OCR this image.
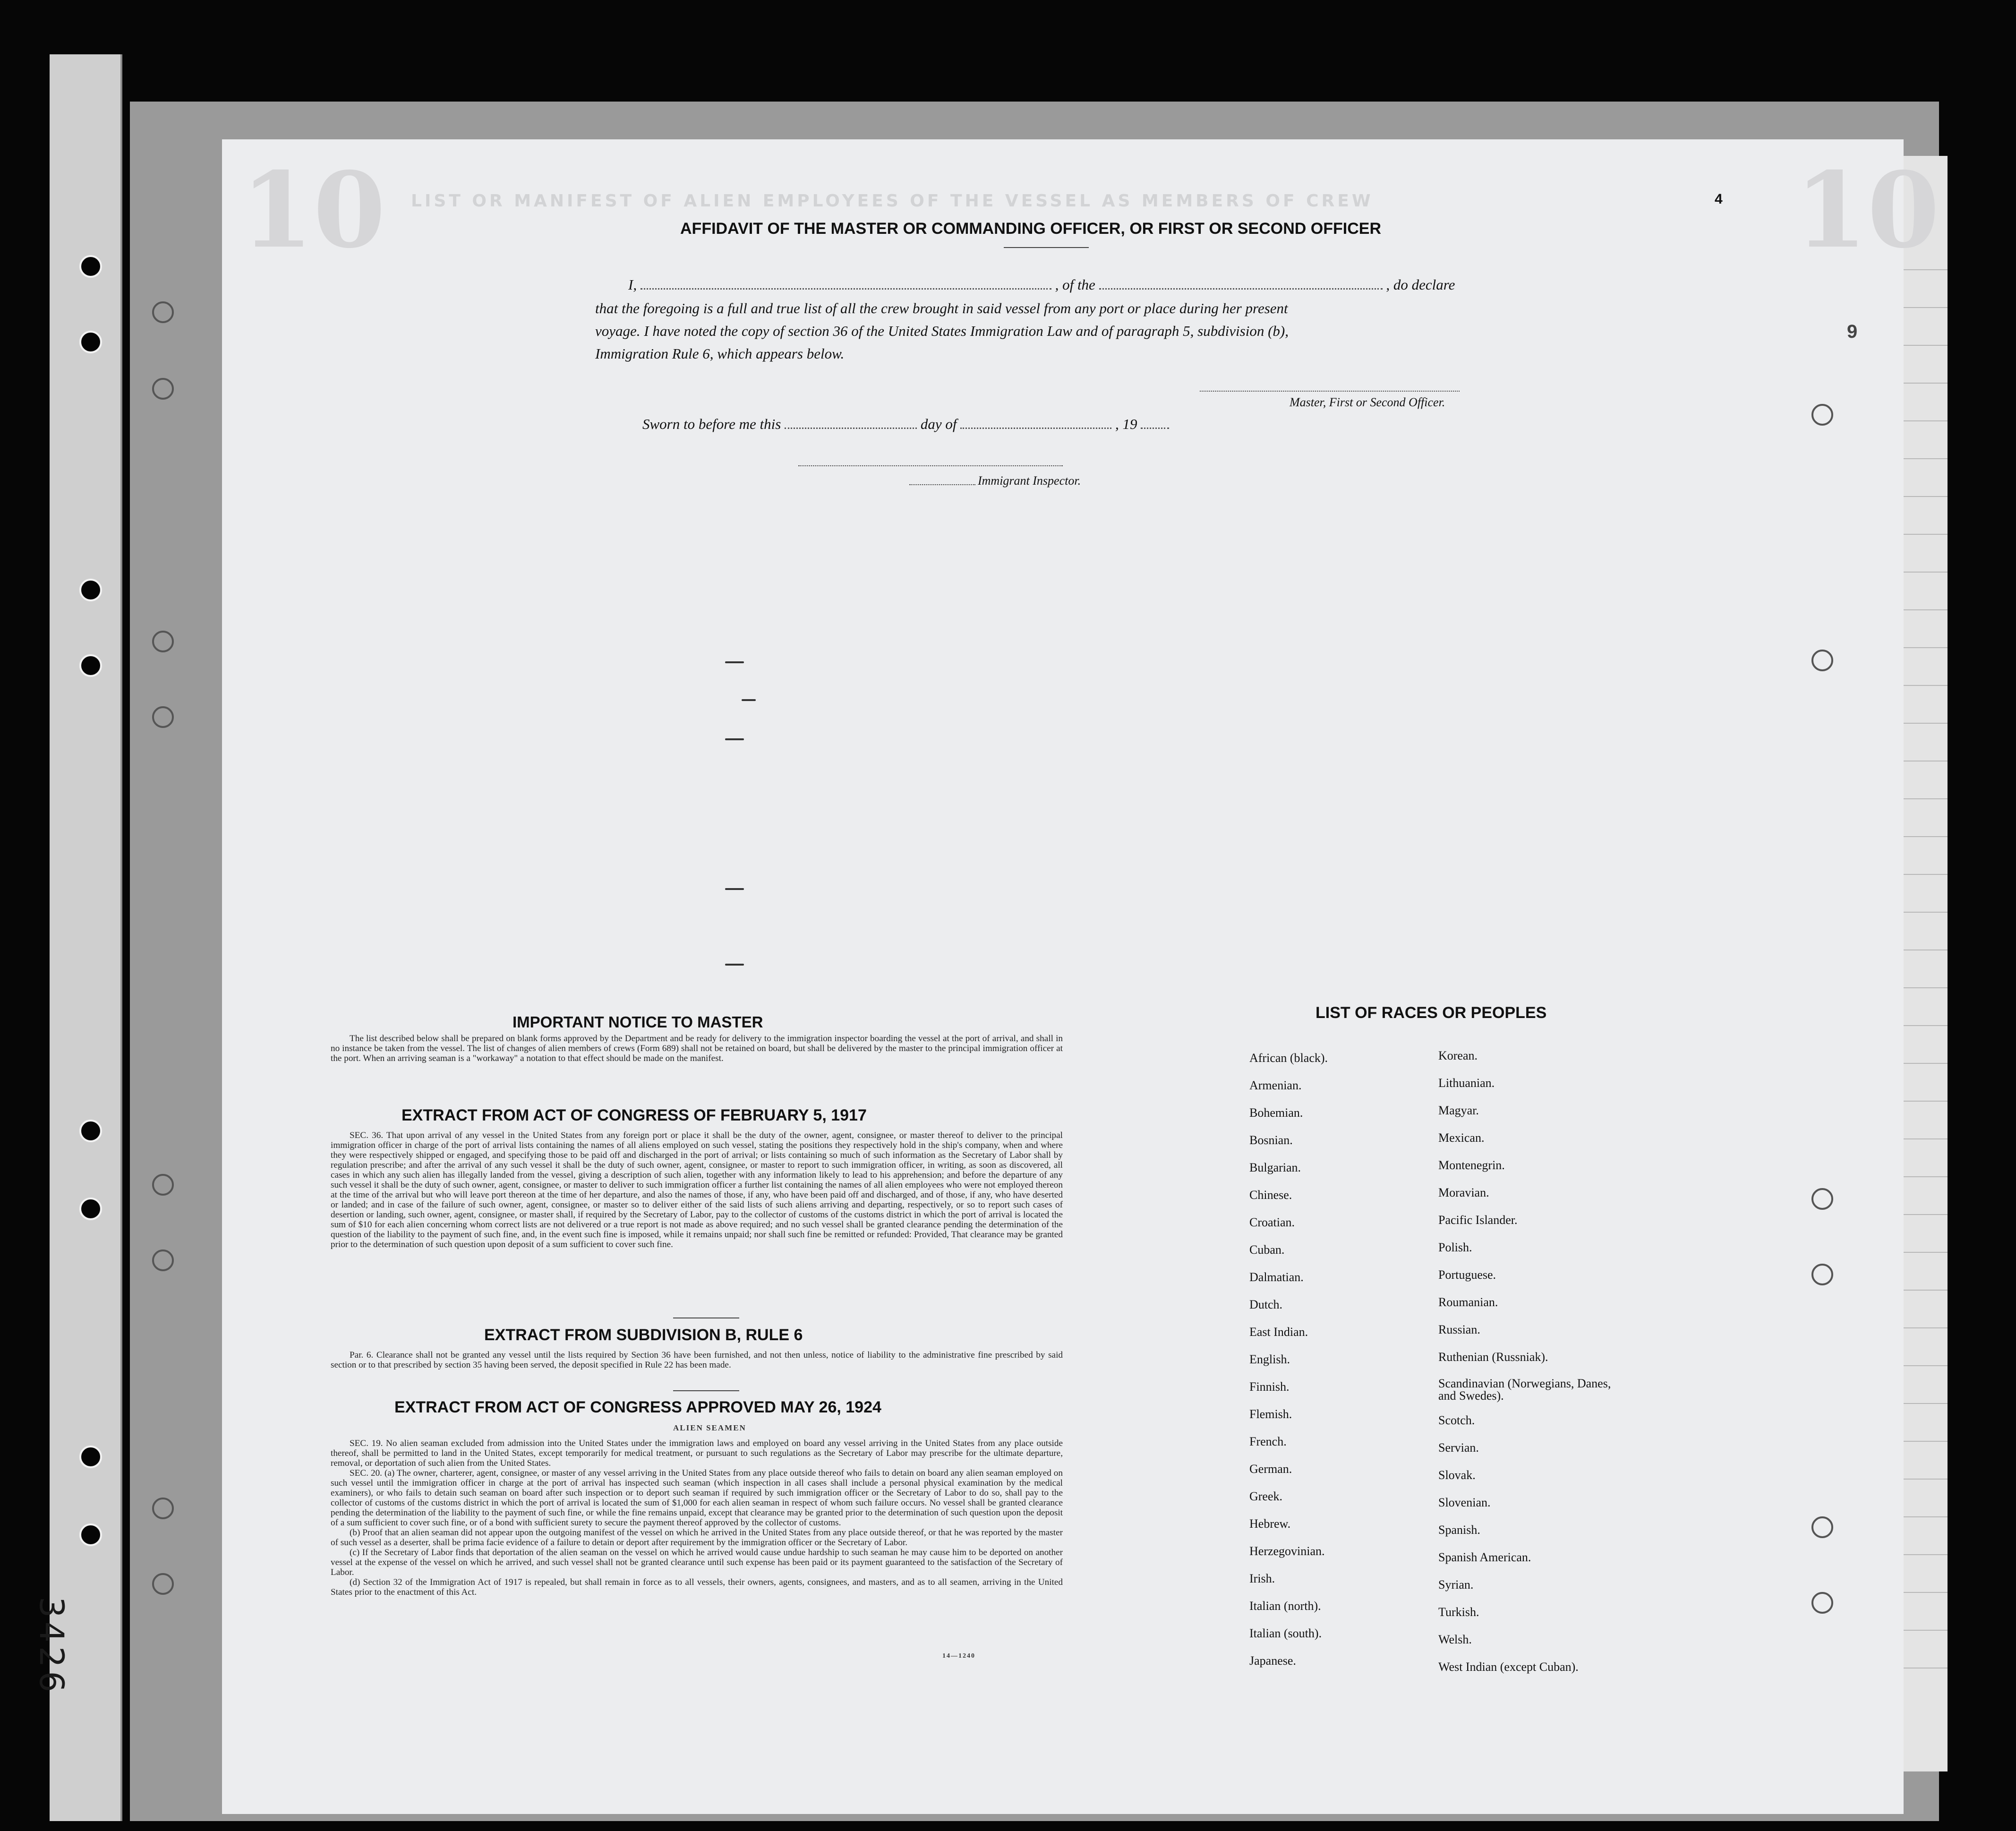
10	10
LIST OR MANIFEST OF ALIEN EMPLOYEES OF THE VESSEL AS MEMBERS OF CREW	4
9
AFFIDAVIT OF THE MASTER OR COMMANDING OFFICER, OR FIRST OR SECOND OFFICER
I,	, of the	, do declare
that the foregoing is a full and true list of all the crew brought in said vessel from any port or place during her present
voyage. I have noted the copy of section 36 of the United States Immigration Law and of paragraph 5, subdivision (b),
Immigration Rule 6, which appears below.
Master, First or Second Officer.
Sworn to before me this	day of	, 19
Immigrant Inspector.
IMPORTANT NOTICE TO MASTER

The list described below shall be prepared on blank forms approved by the Department and be ready for delivery to the immigration inspector boarding the vessel at the port of arrival, and shall in no instance be taken from the vessel. The list of changes of alien members of crews (Form 689) shall not be retained on board, but shall be delivered by the master to the principal immigration officer at the port. When an arriving seaman is a "workaway" a notation to that effect should be made on the manifest.

EXTRACT FROM ACT OF CONGRESS OF FEBRUARY 5, 1917

SEC. 36. That upon arrival of any vessel in the United States from any foreign port or place it shall be the duty of the owner, agent, consignee, or master thereof to deliver to the principal immigration officer in charge of the port of arrival lists containing the names of all aliens employed on such vessel, stating the positions they respectively hold in the ship's company, when and where they were respectively shipped or engaged, and specifying those to be paid off and discharged in the port of arrival; or lists containing so much of such information as the Secretary of Labor shall by regulation prescribe; and after the arrival of any such vessel it shall be the duty of such owner, agent, consignee, or master to report to such immigration officer, in writing, as soon as discovered, all cases in which any such alien has illegally landed from the vessel, giving a description of such alien, together with any information likely to lead to his apprehension; and before the departure of any such vessel it shall be the duty of such owner, agent, consignee, or master to deliver to such immigration officer a further list containing the names of all alien employees who were not employed thereon at the time of the arrival but who will leave port thereon at the time of her departure, and also the names of those, if any, who have been paid off and discharged, and of those, if any, who have deserted or landed; and in case of the failure of such owner, agent, consignee, or master so to deliver either of the said lists of such aliens arriving and departing, respectively, or so to report such cases of desertion or landing, such owner, agent, consignee, or master shall, if required by the Secretary of Labor, pay to the collector of customs of the customs district in which the port of arrival is located the sum of $10 for each alien concerning whom correct lists are not delivered or a true report is not made as above required; and no such vessel shall be granted clearance pending the determination of the question of the liability to the payment of such fine, and, in the event such fine is imposed, while it remains unpaid; nor shall such fine be remitted or refunded: Provided, That clearance may be granted prior to the determination of such question upon deposit of a sum sufficient to cover such fine.

EXTRACT FROM SUBDIVISION B, RULE 6

Par. 6. Clearance shall not be granted any vessel until the lists required by Section 36 have been furnished, and not then unless, notice of liability to the administrative fine prescribed by said section or to that prescribed by section 35 having been served, the deposit specified in Rule 22 has been made.

EXTRACT FROM ACT OF CONGRESS APPROVED MAY 26, 1924
ALIEN SEAMEN

SEC. 19. No alien seaman excluded from admission into the United States under the immigration laws and employed on board any vessel arriving in the United States from any place outside thereof, shall be permitted to land in the United States, except temporarily for medical treatment, or pursuant to such regulations as the Secretary of Labor may prescribe for the ultimate departure, removal, or deportation of such alien from the United States.

SEC. 20. (a) The owner, charterer, agent, consignee, or master of any vessel arriving in the United States from any place outside thereof who fails to detain on board any alien seaman employed on such vessel until the immigration officer in charge at the port of arrival has inspected such seaman (which inspection in all cases shall include a personal physical examination by the medical examiners), or who fails to detain such seaman on board after such inspection or to deport such seaman if required by such immigration officer or the Secretary of Labor to do so, shall pay to the collector of customs of the customs district in which the port of arrival is located the sum of $1,000 for each alien seaman in respect of whom such failure occurs. No vessel shall be granted clearance pending the determination of the liability to the payment of such fine, or while the fine remains unpaid, except that clearance may be granted prior to the determination of such question upon the deposit of a sum sufficient to cover such fine, or of a bond with sufficient surety to secure the payment thereof approved by the collector of customs.

(b) Proof that an alien seaman did not appear upon the outgoing manifest of the vessel on which he arrived in the United States from any place outside thereof, or that he was reported by the master of such vessel as a deserter, shall be prima facie evidence of a failure to detain or deport after requirement by the immigration officer or the Secretary of Labor.

(c) If the Secretary of Labor finds that deportation of the alien seaman on the vessel on which he arrived would cause undue hardship to such seaman he may cause him to be deported on another vessel at the expense of the vessel on which he arrived, and such vessel shall not be granted clearance until such expense has been paid or its payment guaranteed to the satisfaction of the Secretary of Labor.

(d) Section 32 of the Immigration Act of 1917 is repealed, but shall remain in force as to all vessels, their owners, agents, consignees, and masters, and as to all seamen, arriving in the United States prior to the enactment of this Act.

14—1240
LIST OF RACES OR PEOPLES
African (black).
Armenian.
Bohemian.
Bosnian.
Bulgarian.
Chinese.
Croatian.
Cuban.
Dalmatian.
Dutch.
East Indian.
English.
Finnish.
Flemish.
French.
German.
Greek.
Hebrew.
Herzegovinian.
Irish.
Italian (north).
Italian (south).
Japanese.
Korean.
Lithuanian.
Magyar.
Mexican.
Montenegrin.
Moravian.
Pacific Islander.
Polish.
Portuguese.
Roumanian.
Russian.
Ruthenian (Russniak).
Scandinavian (Norwegians, Danes, and Swedes).
Scotch.
Servian.
Slovak.
Slovenian.
Spanish.
Spanish American.
Syrian.
Turkish.
Welsh.
West Indian (except Cuban).
3426
